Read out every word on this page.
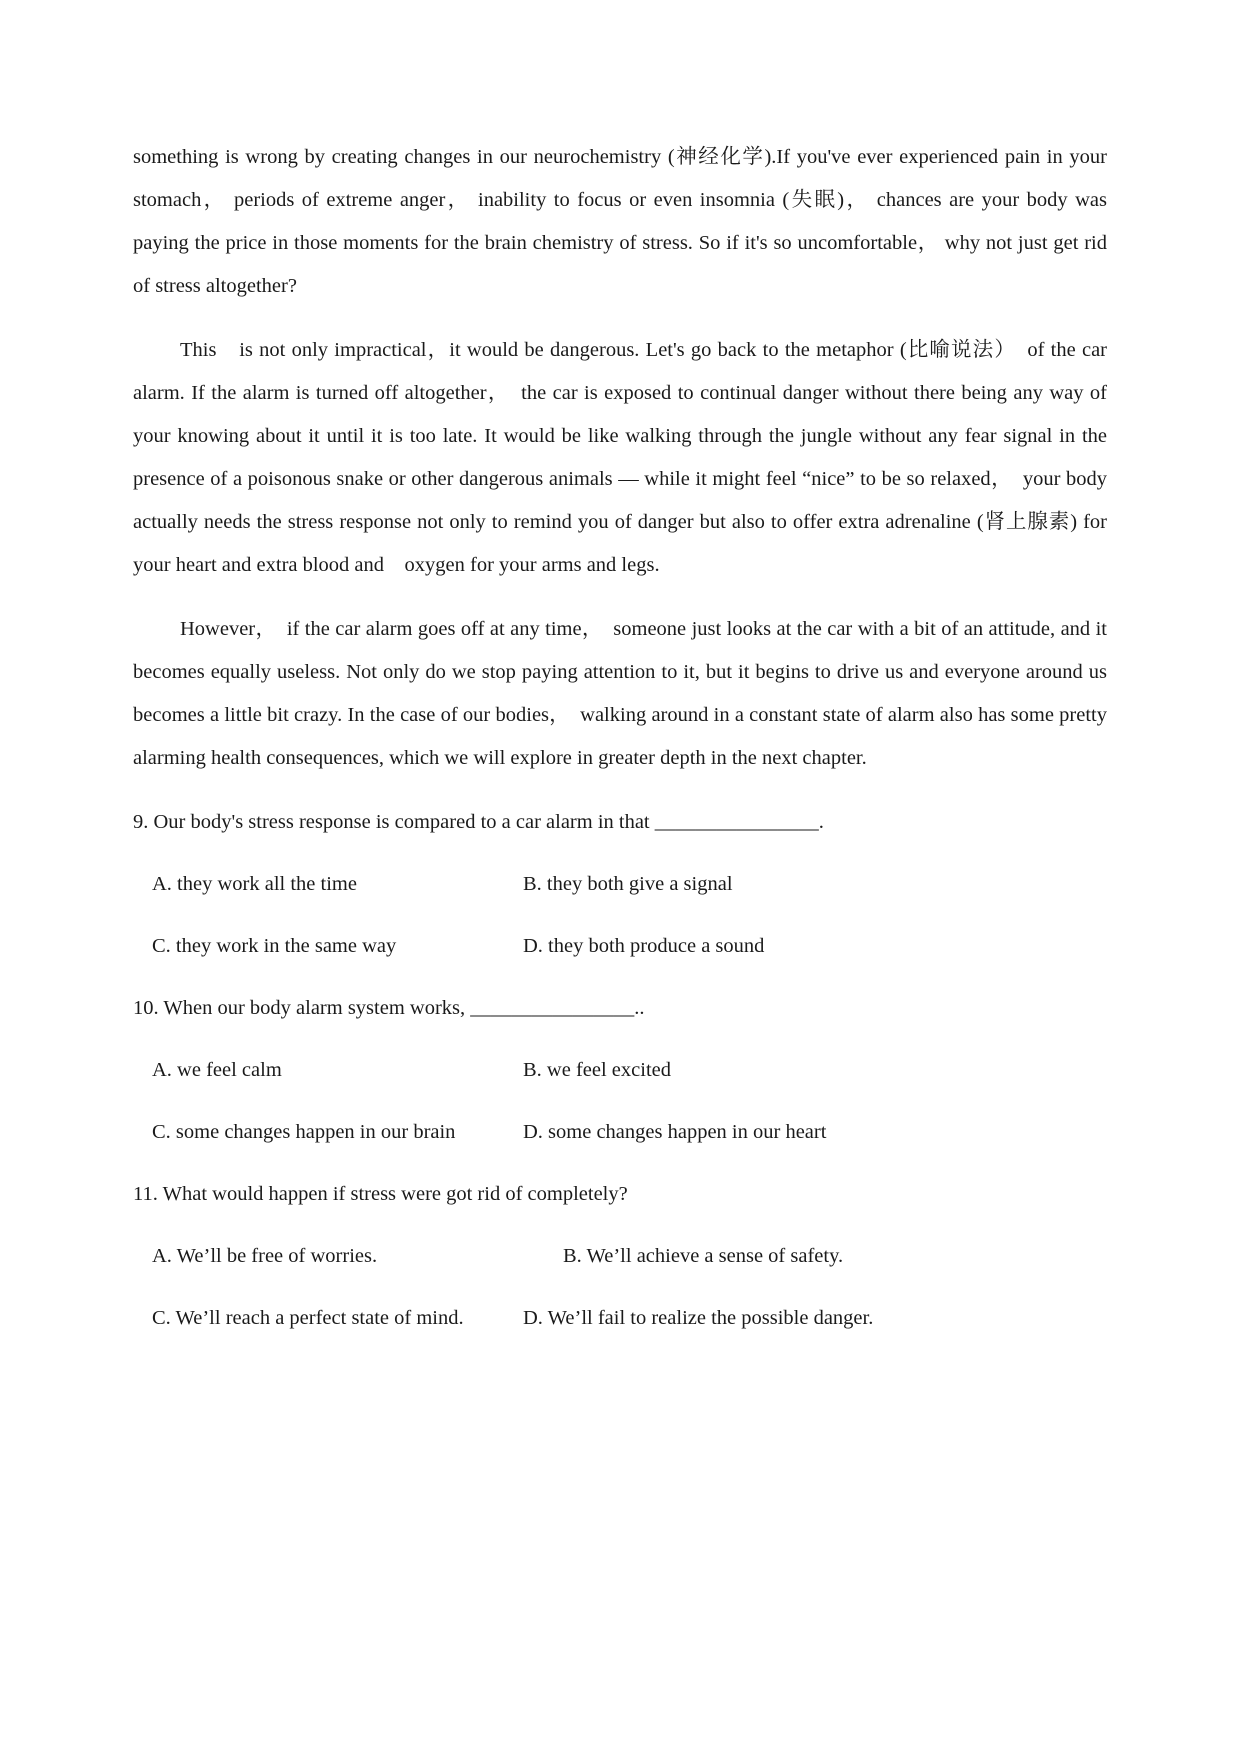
something is wrong by creating changes in our neurochemistry (神经化学).If you've ever experienced pain in your stomach， periods of extreme anger， inability to focus or even insomnia (失眠)， chances are your body was paying the price in those moments for the brain chemistry of stress. So if it's so uncomfortable， why not just get rid of stress altogether?

This　is not only impractical，it would be dangerous. Let's go back to the metaphor (比喻说法）　of the car alarm. If the alarm is turned off altogether，　the car is exposed to continual danger without there being any way of your knowing about it until it is too late. It would be like walking through the jungle without any fear signal in the presence of a poisonous snake or other dangerous animals — while it might feel “nice” to be so relaxed，　your body actually needs the stress response not only to remind you of danger but also to offer extra adrenaline (肾上腺素) for your heart and extra blood and　oxygen for your arms and legs.

However，　if the car alarm goes off at any time，　someone just looks at the car with a bit of an attitude, and it becomes equally useless. Not only do we stop paying attention to it, but it begins to drive us and everyone around us becomes a little bit crazy. In the case of our bodies，　walking around in a constant state of alarm also has some pretty alarming health consequences, which we will explore in greater depth in the next chapter.

9. Our body's stress response is compared to a car alarm in that ________________.

A. they work all the time	B. they both give a signal
C. they work in the same way	D. they both produce a sound

10. When our body alarm system works, ________________..

A. we feel calm	B. we feel excited
C. some changes happen in our brain	D. some changes happen in our heart

11. What would happen if stress were got rid of completely?

A. We’ll be free of worries.	B. We’ll achieve a sense of safety.
C. We’ll reach a perfect state of mind.	D. We’ll fail to realize the possible danger.
